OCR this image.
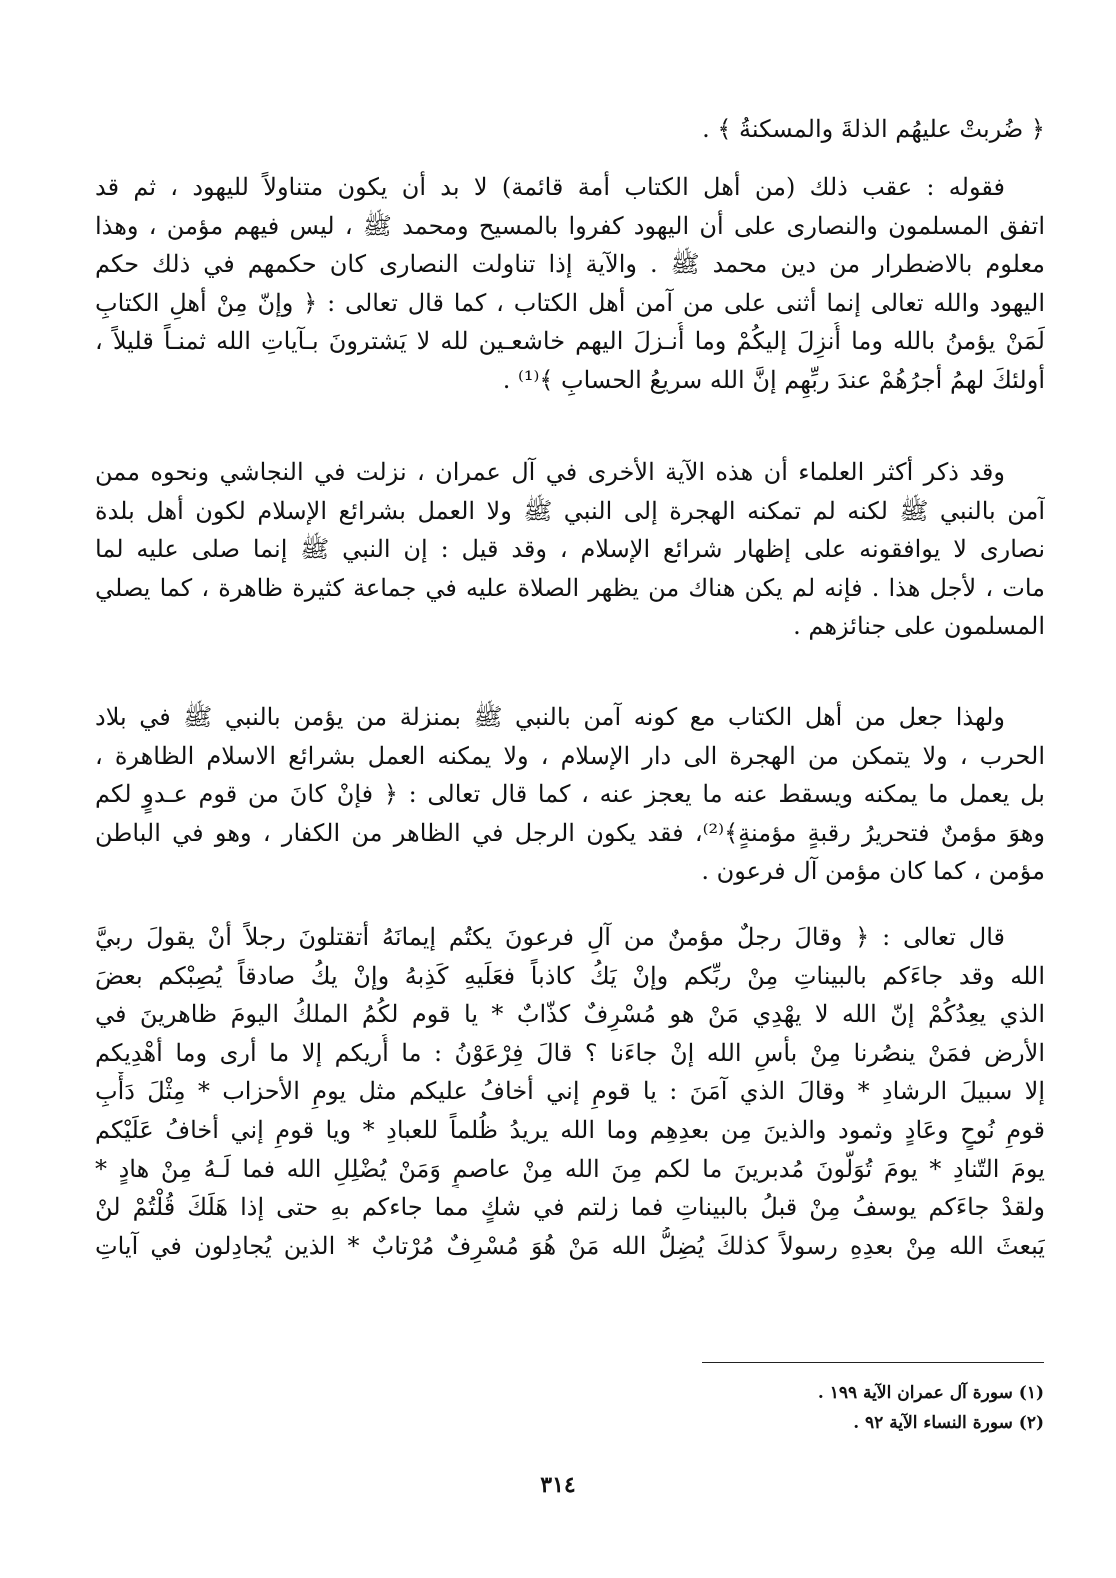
﴿ ضُربتْ عليهُم الذلةَ والمسكنةُ ﴾ .
فقوله : عقب ذلك (من أهل الكتاب أمة قائمة) لا بد أن يكون متناولاً لليهود ، ثم قد
اتفق المسلمون والنصارى على أن اليهود كفروا بالمسيح ومحمد ﷺ ، ليس فيهم مؤمن ، وهذا
معلوم بالاضطرار من دين محمد ﷺ . والآية إذا تناولت النصارى كان حكمهم في ذلك حكم
اليهود والله تعالى إنما أثنى على من آمن أهل الكتاب ، كما قال تعالى : ﴿ وإنّ مِنْ أهلِ الكتابِ
لَمَنْ يؤمنُ بالله وما أُنزِلَ إليكُمْ وما أُنـزلَ اليهم خاشعـين لله لا يَشترونَ بـآياتِ الله ثمنـاً قليلاً ،
أولئكَ لهمُ أجرُهُمْ عندَ ربِّهِم إنَّ الله سريعُ الحسابِ ﴾⁽¹⁾ .
وقد ذكر أكثر العلماء أن هذه الآية الأخرى في آل عمران ، نزلت في النجاشي ونحوه ممن
آمن بالنبي ﷺ لكنه لم تمكنه الهجرة إلى النبي ﷺ ولا العمل بشرائع الإسلام لكون أهل بلدة
نصارى لا يوافقونه على إظهار شرائع الإسلام ، وقد قيل : إن النبي ﷺ إنما صلى عليه لما
مات ، لأجل هذا . فإنه لم يكن هناك من يظهر الصلاة عليه في جماعة كثيرة ظاهرة ، كما يصلي
المسلمون على جنائزهم .
ولهذا جعل من أهل الكتاب مع كونه آمن بالنبي ﷺ بمنزلة من يؤمن بالنبي ﷺ في بلاد
الحرب ، ولا يتمكن من الهجرة الى دار الإسلام ، ولا يمكنه العمل بشرائع الاسلام الظاهرة ،
بل يعمل ما يمكنه ويسقط عنه ما يعجز عنه ، كما قال تعالى : ﴿ فإنْ كانَ من قوم عـدوٍ لكم
وهوَ مؤمنٌ فتحريرُ رقبةٍ مؤمنةٍ﴾⁽²⁾، فقد يكون الرجل في الظاهر من الكفار ، وهو في الباطن
مؤمن ، كما كان مؤمن آل فرعون .
قال تعالى : ﴿ وقالَ رجلٌ مؤمنٌ من آلِ فرعونَ يكتُم إيمانَهُ أتقتلونَ رجلاً أنْ يقولَ ربيَّ
الله وقد جاءَكم بالبيناتِ مِنْ ربِّكم وإنْ يَكُ كاذباً فعَلَيهِ كَذِبهُ وإنْ يكُ صادقاً يُصِبْكم بعضَ
الذي يعِدُكُمْ إنّ الله لا يهْدِي مَنْ هو مُسْرِفٌ كذّابٌ * يا قوم لكُمُ الملكُ اليومَ ظاهرينَ في
الأرض فمَنْ ينصُرنا مِنْ بأسِ الله إنْ جاءَنا ؟ قالَ فِرْعَوْنُ : ما أُريكم إلا ما أرى وما أهْدِيكم
إلا سبيلَ الرشادِ * وقالَ الذي آمَنَ : يا قومِ إني أخافُ عليكم مثل يومِ الأحزاب * مِثْلَ دَأْبِ
قومِ نُوحٍ وعَادٍ وثمود والذينَ مِن بعدِهِم وما الله يريدُ ظُلماً للعبادِ * ويا قومِ إني أخافُ عَلَيْكم
يومَ التّنادِ * يومَ تُوَلّونَ مُدبرينَ ما لكم مِنَ الله مِنْ عاصمٍ وَمَنْ يُضْلِلِ الله فما لَـهُ مِنْ هادٍ *
ولقدْ جاءَكم يوسفُ مِنْ قبلُ بالبيناتِ فما زلتم في شكٍ مما جاءكم بهِ حتى إذا هَلَكَ قُلْتُمْ لنْ
يَبعثَ الله مِنْ بعدِهِ رسولاً كذلكَ يُضِلُّ الله مَنْ هُوَ مُسْرِفٌ مُرْتابٌ * الذين يُجادِلون في آياتِ
(١) سورة آل عمران الآية ١٩٩ .
(٢) سورة النساء الآية ٩٢ .
٣١٤
